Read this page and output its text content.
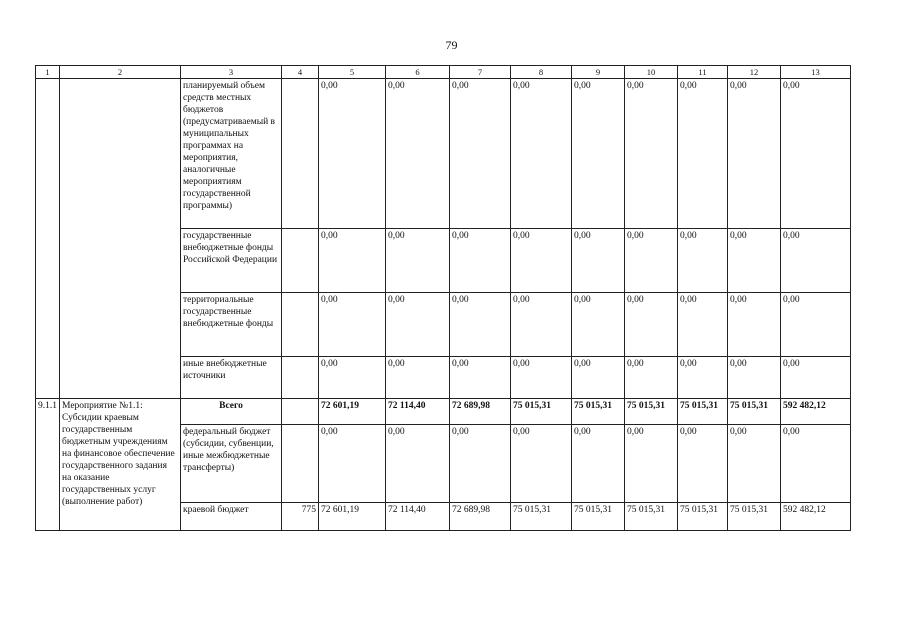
79
1	2	3	4	5	6	7	8	9	10	11	12	13
		планируемый объем средств местных бюджетов (предусматриваемый в муниципальных программах на мероприятия, аналогичные мероприятиям государственной программы)		0,00	0,00	0,00	0,00	0,00	0,00	0,00	0,00	0,00
		государственные внебюджетные фонды Российской Федерации		0,00	0,00	0,00	0,00	0,00	0,00	0,00	0,00	0,00
		территориальные государственные внебюджетные фонды		0,00	0,00	0,00	0,00	0,00	0,00	0,00	0,00	0,00
		иные внебюджетные источники		0,00	0,00	0,00	0,00	0,00	0,00	0,00	0,00	0,00
9.1.1	Мероприятие №1.1: Субсидии краевым государственным бюджетным учреждениям на финансовое обеспечение государственного задания на оказание государственных услуг (выполнение работ)	Всего		72 601,19	72 114,40	72 689,98	75 015,31	75 015,31	75 015,31	75 015,31	75 015,31	592 482,12
		федеральный бюджет (субсидии, субвенции, иные межбюджетные трансферты)		0,00	0,00	0,00	0,00	0,00	0,00	0,00	0,00	0,00
		краевой бюджет	775	72 601,19	72 114,40	72 689,98	75 015,31	75 015,31	75 015,31	75 015,31	75 015,31	592 482,12
